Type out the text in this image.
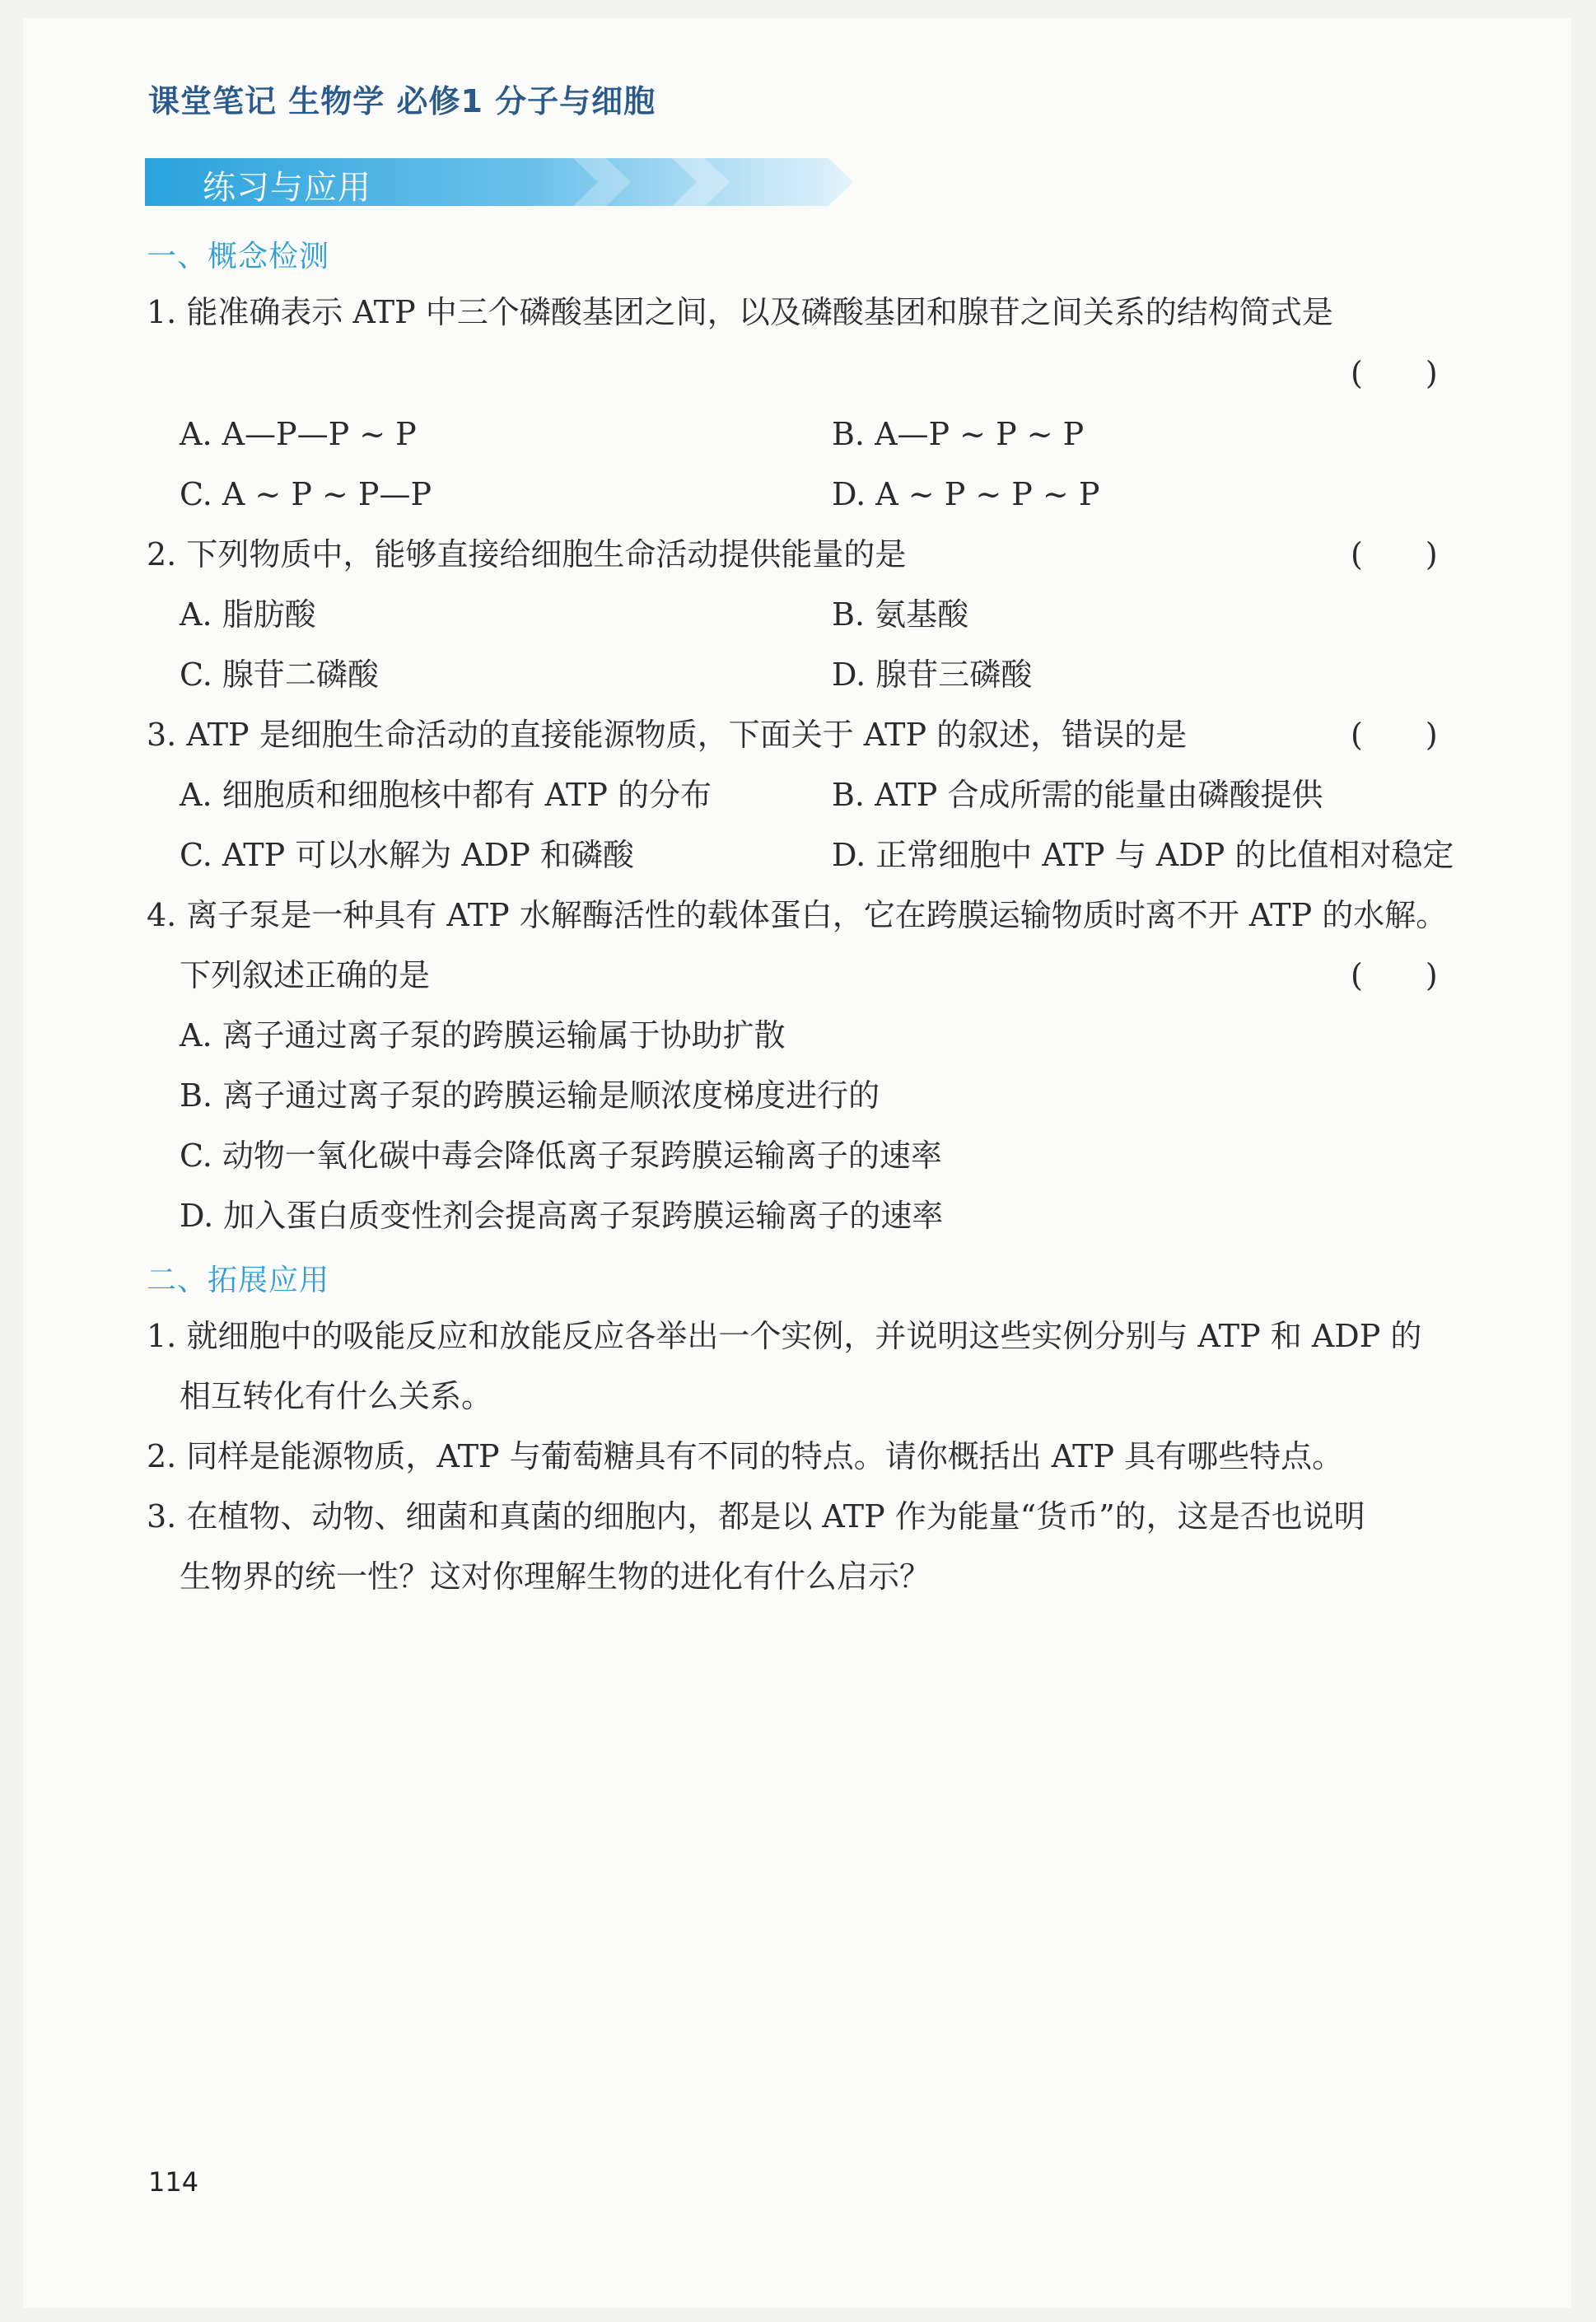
课堂笔记 生物学 必修1 分子与细胞
练习与应用
一、概念检测
1. 能准确表示 ATP 中三个磷酸基团之间，以及磷酸基团和腺苷之间关系的结构简式是
(　　)
A. A—P—P ~ P	B. A—P ~ P ~ P
C. A ~ P ~ P—P	D. A ~ P ~ P ~ P
2. 下列物质中，能够直接给细胞生命活动提供能量的是	(　　)
A. 脂肪酸	B. 氨基酸
C. 腺苷二磷酸	D. 腺苷三磷酸
3. ATP 是细胞生命活动的直接能源物质，下面关于 ATP 的叙述，错误的是	(　　)
A. 细胞质和细胞核中都有 ATP 的分布	B. ATP 合成所需的能量由磷酸提供
C. ATP 可以水解为 ADP 和磷酸	D. 正常细胞中 ATP 与 ADP 的比值相对稳定
4. 离子泵是一种具有 ATP 水解酶活性的载体蛋白，它在跨膜运输物质时离不开 ATP 的水解。
下列叙述正确的是	(　　)
A. 离子通过离子泵的跨膜运输属于协助扩散
B. 离子通过离子泵的跨膜运输是顺浓度梯度进行的
C. 动物一氧化碳中毒会降低离子泵跨膜运输离子的速率
D. 加入蛋白质变性剂会提高离子泵跨膜运输离子的速率
二、拓展应用
1. 就细胞中的吸能反应和放能反应各举出一个实例，并说明这些实例分别与 ATP 和 ADP 的
相互转化有什么关系。
2. 同样是能源物质，ATP 与葡萄糖具有不同的特点。请你概括出 ATP 具有哪些特点。
3. 在植物、动物、细菌和真菌的细胞内，都是以 ATP 作为能量“货币”的，这是否也说明
生物界的统一性？这对你理解生物的进化有什么启示？
114
